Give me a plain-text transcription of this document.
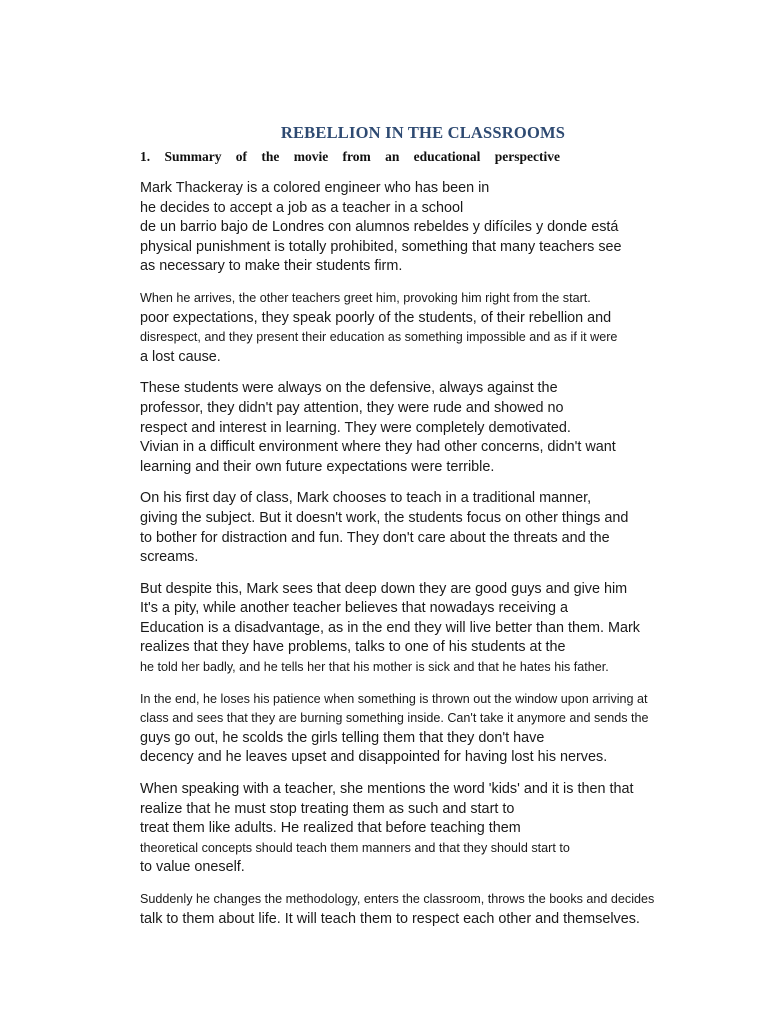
REBELLION IN THE CLASSROOMS
1. Summary of the movie from an educational perspective

Mark Thackeray is a colored engineer who has been in
he decides to accept a job as a teacher in a school
de un barrio bajo de Londres con alumnos rebeldes y difíciles y donde está
physical punishment is totally prohibited, something that many teachers see
as necessary to make their students firm.

When he arrives, the other teachers greet him, provoking him right from the start.
poor expectations, they speak poorly of the students, of their rebellion and
disrespect, and they present their education as something impossible and as if it were
a lost cause.

These students were always on the defensive, always against the
professor, they didn't pay attention, they were rude and showed no
respect and interest in learning. They were completely demotivated.
Vivian in a difficult environment where they had other concerns, didn't want
learning and their own future expectations were terrible.

On his first day of class, Mark chooses to teach in a traditional manner,
giving the subject. But it doesn't work, the students focus on other things and
to bother for distraction and fun. They don't care about the threats and the
screams.

But despite this, Mark sees that deep down they are good guys and give him
It's a pity, while another teacher believes that nowadays receiving a
Education is a disadvantage, as in the end they will live better than them. Mark
realizes that they have problems, talks to one of his students at the
he told her badly, and he tells her that his mother is sick and that he hates his father.

In the end, he loses his patience when something is thrown out the window upon arriving at
class and sees that they are burning something inside. Can't take it anymore and sends the
guys go out, he scolds the girls telling them that they don't have
decency and he leaves upset and disappointed for having lost his nerves.

When speaking with a teacher, she mentions the word 'kids' and it is then that
realize that he must stop treating them as such and start to
treat them like adults. He realized that before teaching them
theoretical concepts should teach them manners and that they should start to
to value oneself.

Suddenly he changes the methodology, enters the classroom, throws the books and decides
talk to them about life. It will teach them to respect each other and themselves.
